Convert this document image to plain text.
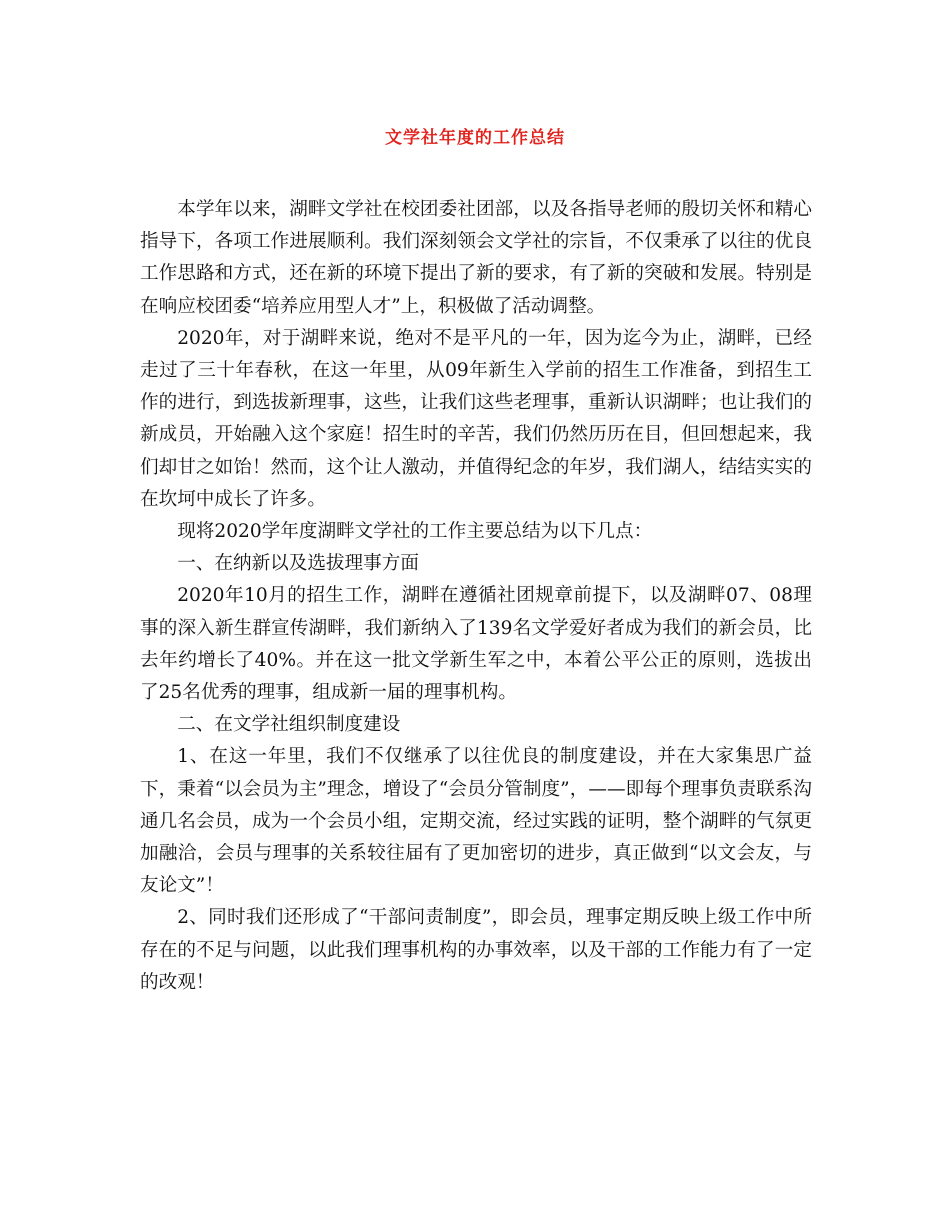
文学社年度的工作总结

本学年以来，湖畔文学社在校团委社团部，以及各指导老师的殷切关怀和精心指导下，各项工作进展顺利。我们深刻领会文学社的宗旨，不仅秉承了以往的优良工作思路和方式，还在新的环境下提出了新的要求，有了新的突破和发展。特别是在响应校团委“培养应用型人才”上，积极做了活动调整。

2020年，对于湖畔来说，绝对不是平凡的一年，因为迄今为止，湖畔，已经走过了三十年春秋，在这一年里，从09年新生入学前的招生工作准备，到招生工作的进行，到选拔新理事，这些，让我们这些老理事，重新认识湖畔；也让我们的新成员，开始融入这个家庭！招生时的辛苦，我们仍然历历在目，但回想起来，我们却甘之如饴！然而，这个让人激动，并值得纪念的年岁，我们湖人，结结实实的在坎坷中成长了许多。

现将2020学年度湖畔文学社的工作主要总结为以下几点：

一、在纳新以及选拔理事方面

2020年10月的招生工作，湖畔在遵循社团规章前提下，以及湖畔07、08理事的深入新生群宣传湖畔，我们新纳入了139名文学爱好者成为我们的新会员，比去年约增长了40%。并在这一批文学新生军之中，本着公平公正的原则，选拔出了25名优秀的理事，组成新一届的理事机构。

二、在文学社组织制度建设

1、在这一年里，我们不仅继承了以往优良的制度建设，并在大家集思广益下，秉着“以会员为主”理念，增设了“会员分管制度”，——即每个理事负责联系沟通几名会员，成为一个会员小组，定期交流，经过实践的证明，整个湖畔的气氛更加融洽，会员与理事的关系较往届有了更加密切的进步，真正做到“以文会友，与友论文”！

2、同时我们还形成了“干部问责制度”，即会员，理事定期反映上级工作中所存在的不足与问题，以此我们理事机构的办事效率，以及干部的工作能力有了一定的改观！
